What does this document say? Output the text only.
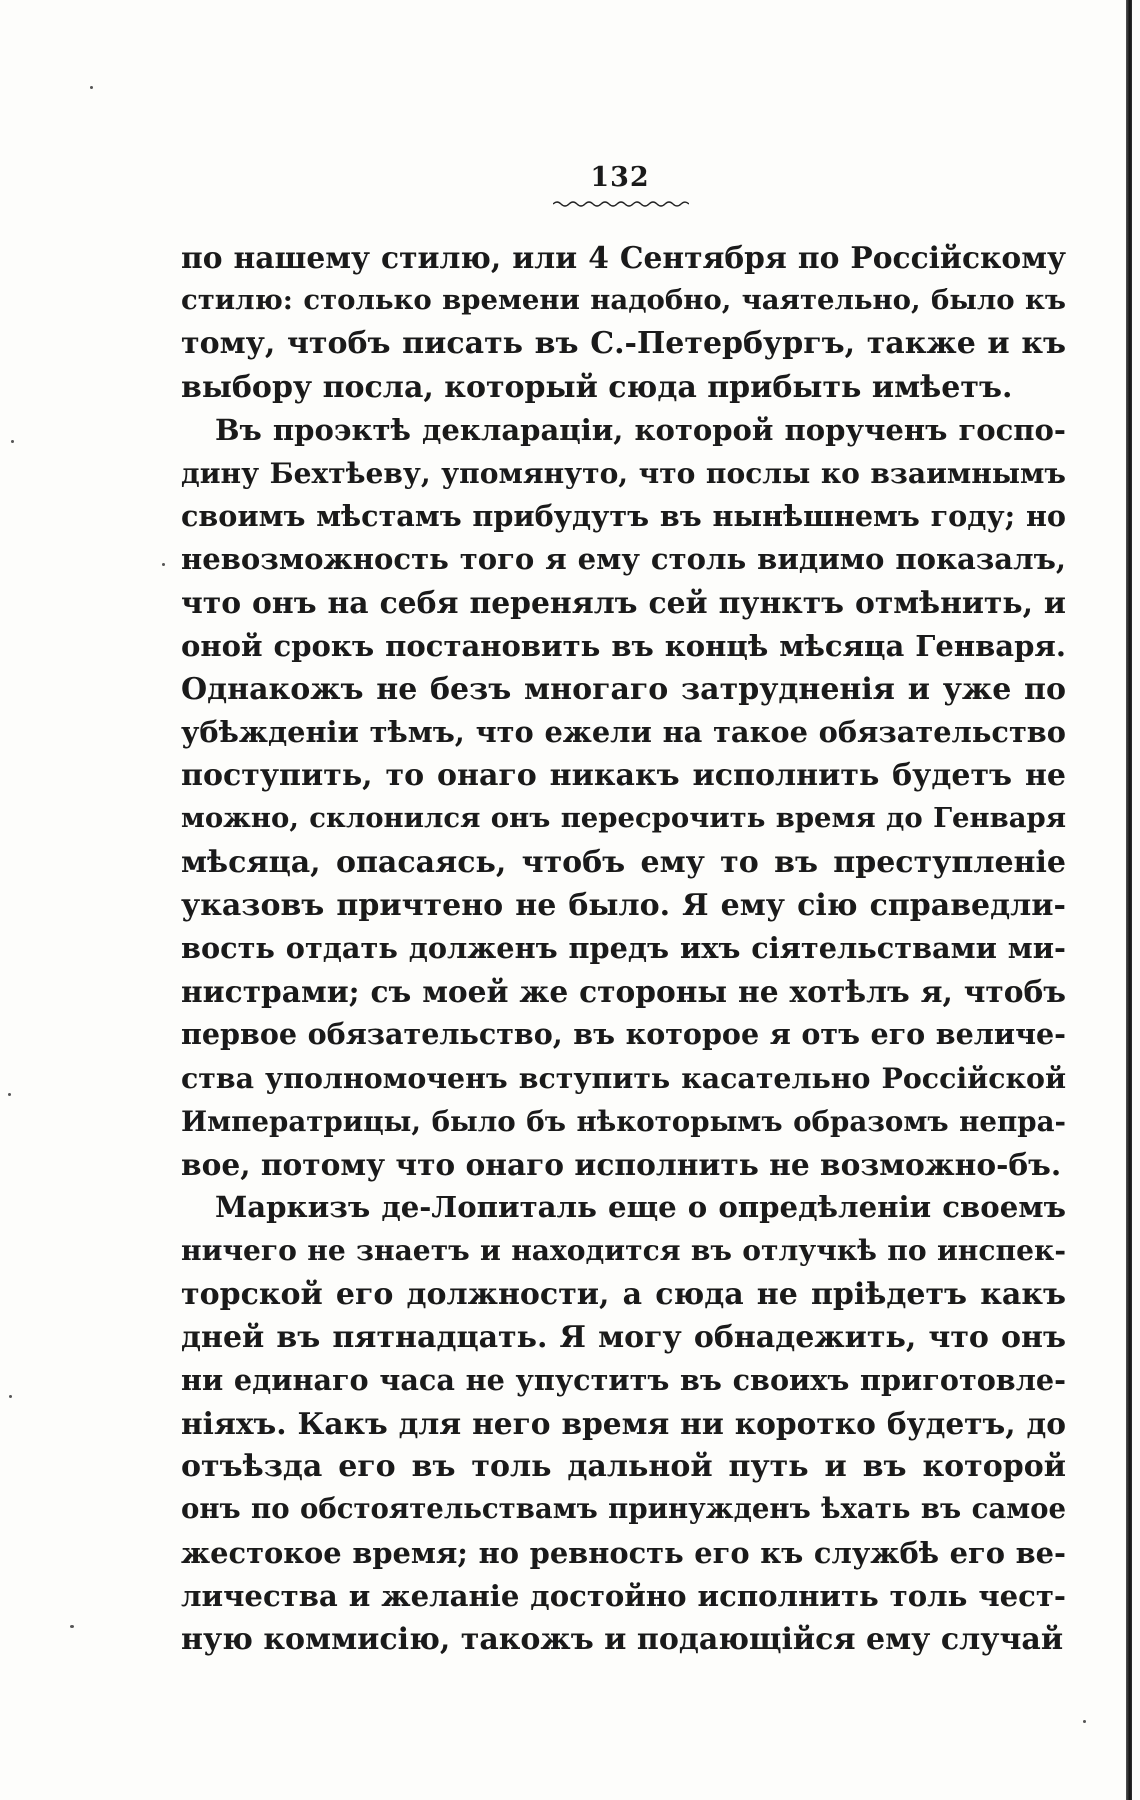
132
по нашему стилю, или 4 Сентября по Россійскому
стилю: столько времени надобно, чаятельно, было къ
тому, чтобъ писать въ С.-Петербургъ, также и къ
выбору посла, который сюда прибыть имѣетъ.
Въ проэктѣ деклараціи, которой порученъ госпо-
дину Бехтѣеву, упомянуто, что послы ко взаимнымъ
своимъ мѣстамъ прибудутъ въ нынѣшнемъ году; но
невозможность того я ему столь видимо показалъ,
что онъ на себя перенялъ сей пунктъ отмѣнить, и
оной срокъ постановить въ концѣ мѣсяца Генваря.
Однакожъ не безъ многаго затрудненія и уже по
убѣжденіи тѣмъ, что ежели на такое обязательство
поступить, то онаго никакъ исполнить будетъ не
можно, склонился онъ пересрочить время до Генваря
мѣсяца, опасаясь, чтобъ ему то въ преступленіе
указовъ причтено не было. Я ему сію справедли-
вость отдать долженъ предъ ихъ сіятельствами ми-
нистрами; съ моей же стороны не хотѣлъ я, чтобъ
первое обязательство, въ которое я отъ его величе-
ства уполномоченъ вступить касательно Россійской
Императрицы, было бъ нѣкоторымъ образомъ непра-
вое, потому что онаго исполнить не возможно-бъ.
Маркизъ де-Лопиталь еще о опредѣленіи своемъ
ничего не знаетъ и находится въ отлучкѣ по инспек-
торской его должности, а сюда не пріѣдетъ какъ
дней въ пятнадцать. Я могу обнадежить, что онъ
ни единаго часа не упуститъ въ своихъ приготовле-
ніяхъ. Какъ для него время ни коротко будетъ, до
отъѣзда его въ толь дальной путь и въ которой
онъ по обстоятельствамъ принужденъ ѣхать въ самое
жестокое время; но ревность его къ службѣ его ве-
личества и желаніе достойно исполнить толь чест-
ную коммисію, такожъ и подающійся ему случай
